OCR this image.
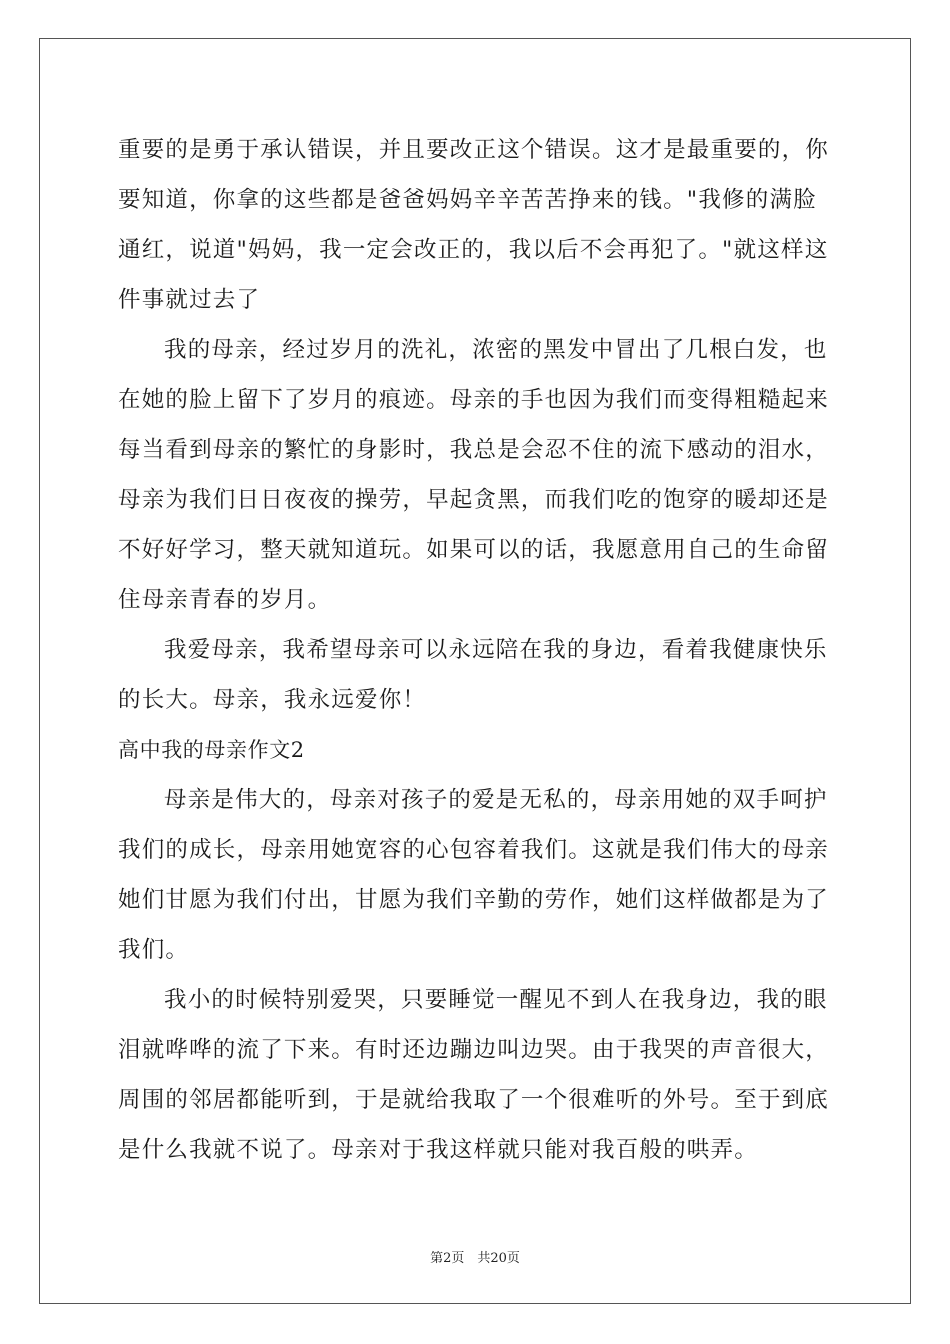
重要的是勇于承认错误，并且要改正这个错误。这才是最重要的，你
要知道，你拿的这些都是爸爸妈妈辛辛苦苦挣来的钱。"我修的满脸
通红，说道"妈妈，我一定会改正的，我以后不会再犯了。"就这样这
件事就过去了
我的母亲，经过岁月的洗礼，浓密的黑发中冒出了几根白发，也
在她的脸上留下了岁月的痕迹。母亲的手也因为我们而变得粗糙起来
每当看到母亲的繁忙的身影时，我总是会忍不住的流下感动的泪水，
母亲为我们日日夜夜的操劳，早起贪黑，而我们吃的饱穿的暖却还是
不好好学习，整天就知道玩。如果可以的话，我愿意用自己的生命留
住母亲青春的岁月。
我爱母亲，我希望母亲可以永远陪在我的身边，看着我健康快乐
的长大。母亲，我永远爱你！
高中我的母亲作文2
母亲是伟大的，母亲对孩子的爱是无私的，母亲用她的双手呵护
我们的成长，母亲用她宽容的心包容着我们。这就是我们伟大的母亲
她们甘愿为我们付出，甘愿为我们辛勤的劳作，她们这样做都是为了
我们。
我小的时候特别爱哭，只要睡觉一醒见不到人在我身边，我的眼
泪就哗哗的流了下来。有时还边蹦边叫边哭。由于我哭的声音很大，
周围的邻居都能听到，于是就给我取了一个很难听的外号。至于到底
是什么我就不说了。母亲对于我这样就只能对我百般的哄弄。
第2页　共20页
